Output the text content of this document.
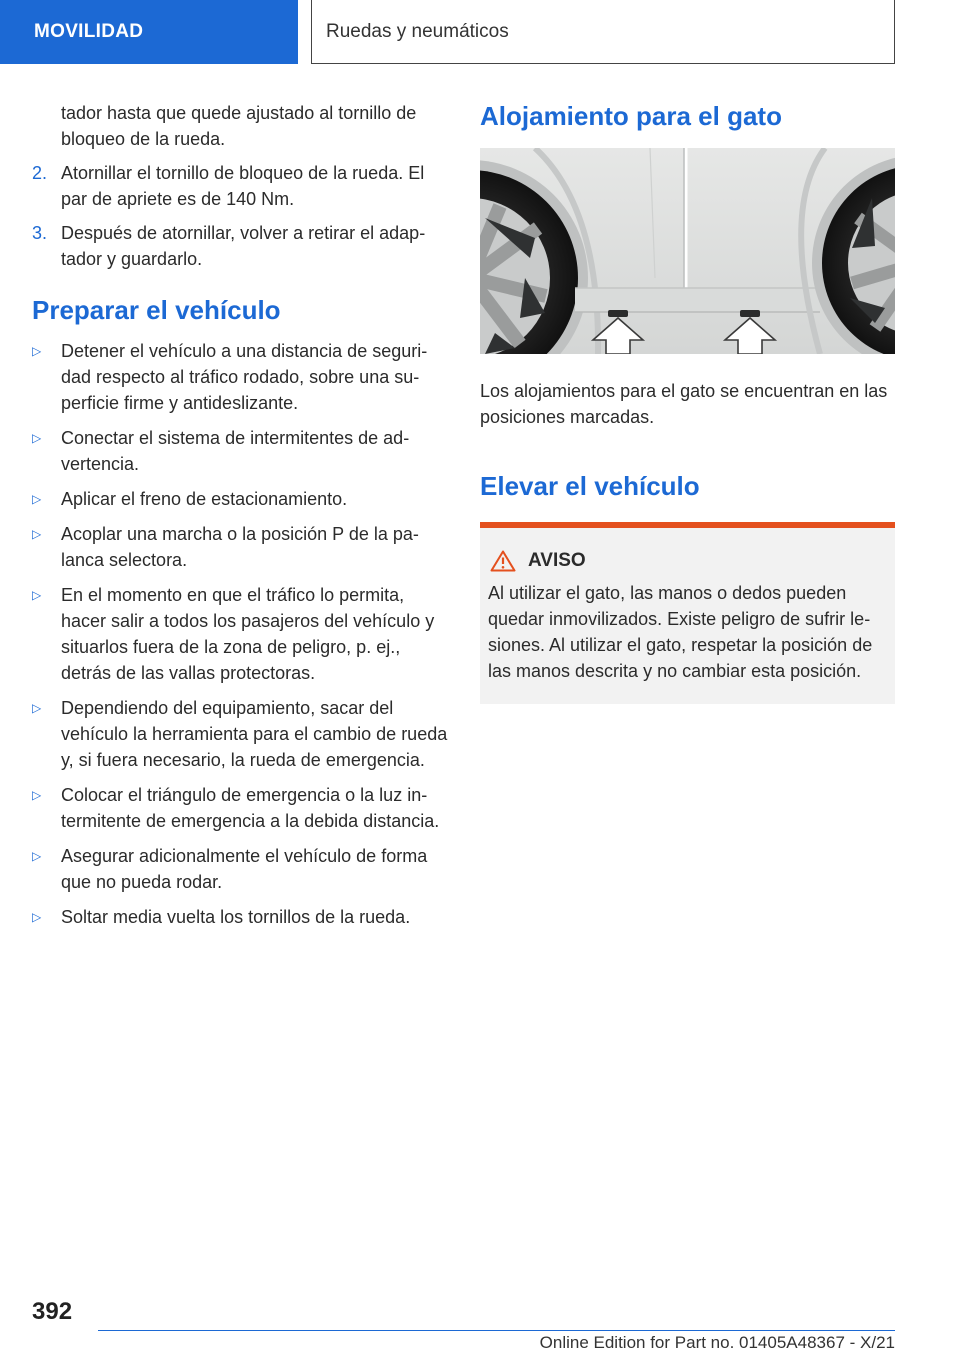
MOVILIDAD	Ruedas y neumáticos

tador hasta que quede ajustado al tornillo de bloqueo de la rueda.

2. Atornillar el tornillo de bloqueo de la rueda. El par de apriete es de 140 Nm.
3. Después de atornillar, volver a retirar el adaptador y guardarlo.
Preparar el vehículo
▷	Detener el vehículo a una distancia de seguridad respecto al tráfico rodado, sobre una superficie firme y antideslizante.
▷	Conectar el sistema de intermitentes de advertencia.
▷	Aplicar el freno de estacionamiento.
▷	Acoplar una marcha o la posición P de la palanca selectora.
▷	En el momento en que el tráfico lo permita, hacer salir a todos los pasajeros del vehículo y situarlos fuera de la zona de peligro, p. ej., detrás de las vallas protectoras.
▷	Dependiendo del equipamiento, sacar del vehículo la herramienta para el cambio de rueda y, si fuera necesario, la rueda de emergencia.
▷	Colocar el triángulo de emergencia o la luz intermitente de emergencia a la debida distancia.
▷	Asegurar adicionalmente el vehículo de forma que no pueda rodar.
▷	Soltar media vuelta los tornillos de la rueda.
Alojamiento para el gato

Los alojamientos para el gato se encuentran en las posiciones marcadas.

Elevar el vehículo
AVISO

Al utilizar el gato, las manos o dedos pueden quedar inmovilizados. Existe peligro de sufrir lesiones. Al utilizar el gato, respetar la posición de las manos descrita y no cambiar esta posición.

392
Online Edition for Part no. 01405A48367 - X/21
